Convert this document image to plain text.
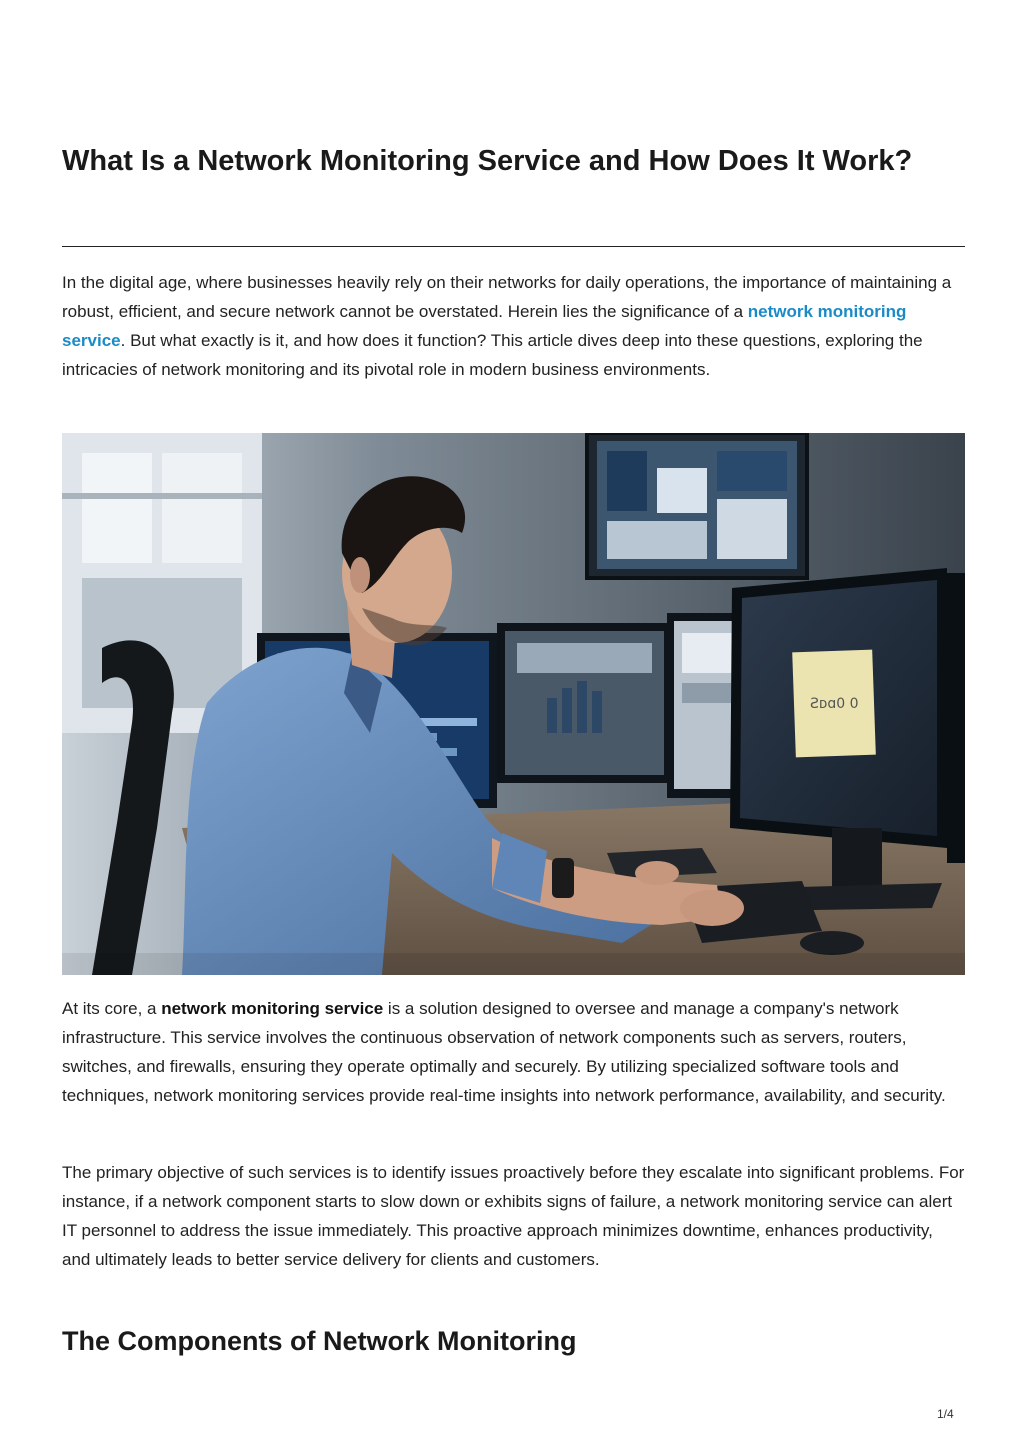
What Is a Network Monitoring Service and How Does It Work?

In the digital age, where businesses heavily rely on their networks for daily operations, the importance of maintaining a robust, efficient, and secure network cannot be overstated. Herein lies the significance of a network monitoring service. But what exactly is it, and how does it function? This article dives deep into these questions, exploring the intricacies of network monitoring and its pivotal role in modern business environments.

Ƨᴅɑ0 0

At its core, a network monitoring service is a solution designed to oversee and manage a company's network infrastructure. This service involves the continuous observation of network components such as servers, routers, switches, and firewalls, ensuring they operate optimally and securely. By utilizing specialized software tools and techniques, network monitoring services provide real-time insights into network performance, availability, and security.

The primary objective of such services is to identify issues proactively before they escalate into significant problems. For instance, if a network component starts to slow down or exhibits signs of failure, a network monitoring service can alert IT personnel to address the issue immediately. This proactive approach minimizes downtime, enhances productivity, and ultimately leads to better service delivery for clients and customers.

The Components of Network Monitoring
1/4
